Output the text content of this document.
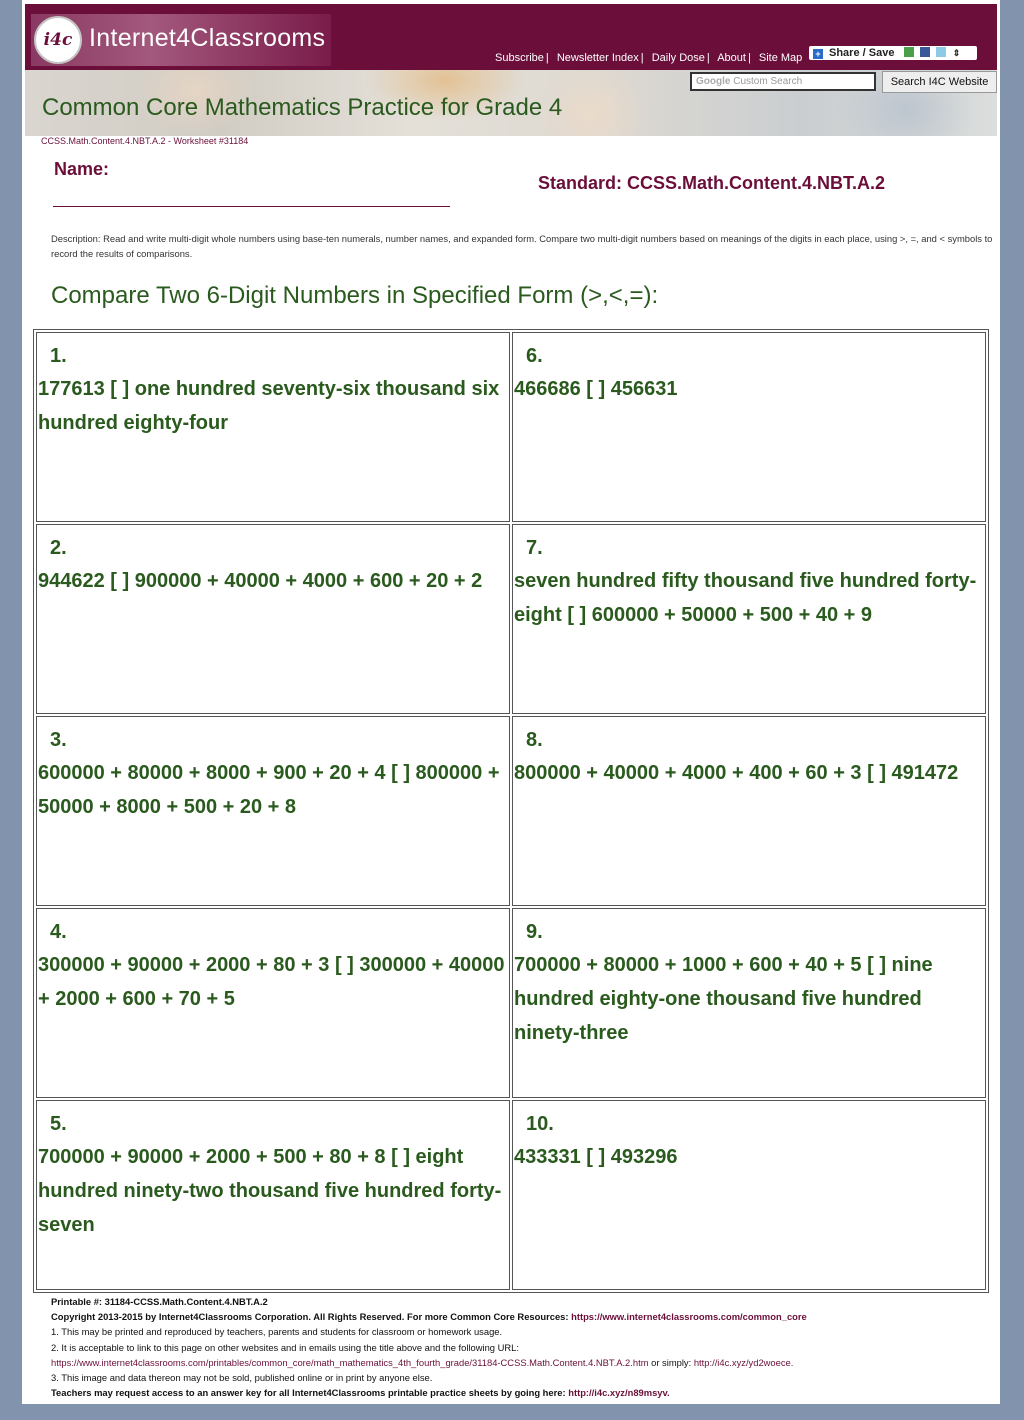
i4c Internet4Classrooms
Subscribe | Newsletter Index | Daily Dose | About | Site Map	+ Share / Save	⇕
Google Custom Search	Search I4C Website
Common Core Mathematics Practice for Grade 4
CCSS.Math.Content.4.NBT.A.2 - Worksheet #31184
Name:
Standard: CCSS.Math.Content.4.NBT.A.2
Description: Read and write multi-digit whole numbers using base-ten numerals, number names, and expanded form. Compare two multi-digit numbers based on meanings of the digits in each place, using >, =, and < symbols to record the results of comparisons.
Compare Two 6-Digit Numbers in Specified Form (>,<,=):
1.
177613 [ ] one hundred seventy-six thousand six hundred eighty-four
6.
466686 [ ] 456631
2.
944622 [ ] 900000 + 40000 + 4000 + 600 + 20 + 2
7.
seven hundred fifty thousand five hundred forty-eight [ ] 600000 + 50000 + 500 + 40 + 9
3.
600000 + 80000 + 8000 + 900 + 20 + 4 [ ] 800000 + 50000 + 8000 + 500 + 20 + 8
8.
800000 + 40000 + 4000 + 400 + 60 + 3 [ ] 491472
4.
300000 + 90000 + 2000 + 80 + 3 [ ] 300000 + 40000 + 2000 + 600 + 70 + 5
9.
700000 + 80000 + 1000 + 600 + 40 + 5 [ ] nine hundred eighty-one thousand five hundred ninety-three
5.
700000 + 90000 + 2000 + 500 + 80 + 8 [ ] eight hundred ninety-two thousand five hundred forty-seven
10.
433331 [ ] 493296
Printable #: 31184-CCSS.Math.Content.4.NBT.A.2
Copyright 2013-2015 by Internet4Classrooms Corporation. All Rights Reserved. For more Common Core Resources: https://www.internet4classrooms.com/common_core
1. This may be printed and reproduced by teachers, parents and students for classroom or homework usage.
2. It is acceptable to link to this page on other websites and in emails using the title above and the following URL:
https://www.internet4classrooms.com/printables/common_core/math_mathematics_4th_fourth_grade/31184-CCSS.Math.Content.4.NBT.A.2.htm or simply: http://i4c.xyz/yd2woece.
3. This image and data thereon may not be sold, published online or in print by anyone else.
Teachers may request access to an answer key for all Internet4Classrooms printable practice sheets by going here: http://i4c.xyz/n89msyv.
